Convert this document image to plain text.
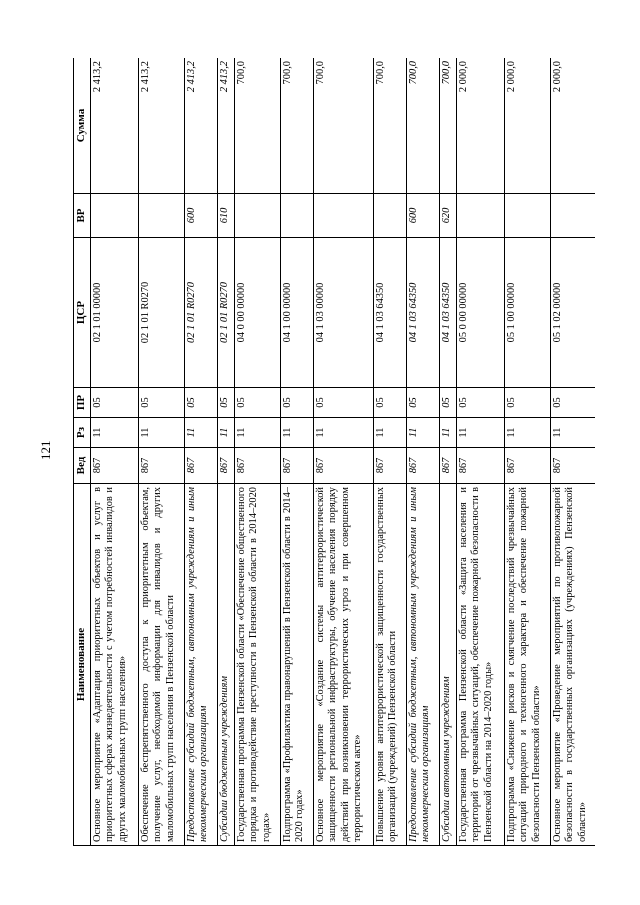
121
Наименование	Вед	Рз	ПР	ЦСР	ВР	Сумма
Основное мероприятие «Адаптация приоритетных объектов и услуг в приоритетных сферах жизнедеятельности с учетом потребностей инвалидов и других маломобильных групп населения»	867	11	05	02 1 01 00000		2 413,2
Обеспечение беспрепятственного доступа к приоритетным объектам, получение услуг, необходимой информации для инвалидов и других маломобильных групп населения в Пензенской области	867	11	05	02 1 01 R0270		2 413,2
Предоставление субсидий бюджетным, автономным учреждениям и иным некоммерческим организациям	867	11	05	02 1 01 R0270	600	2 413,2
Субсидии бюджетным учреждениям	867	11	05	02 1 01 R0270	610	2 413,2
Государственная программа Пензенской области «Обеспечение общественного порядка и противодействие преступности в Пензенской области в 2014–2020 годах»	867	11	05	04 0 00 00000		700,0
Подпрограмма «Профилактика правонарушений в Пензенской области в 2014–2020 годах»	867	11	05	04 1 00 00000		700,0
Основное мероприятие «Создание системы антитеррористической защищенности региональной инфраструктуры, обучение населения порядку действий при возникновении террористических угроз и при совершенном террористическом акте»	867	11	05	04 1 03 00000		700,0
Повышение уровня антитеррористической защищенности государственных организаций (учреждений) Пензенской области	867	11	05	04 1 03 64350		700,0
Предоставление субсидий бюджетным, автономным учреждениям и иным некоммерческим организациям	867	11	05	04 1 03 64350	600	700,0
Субсидии автономным учреждениям	867	11	05	04 1 03 64350	620	700,0
Государственная программа Пензенской области «Защита населения и территорий от чрезвычайных ситуаций, обеспечение пожарной безопасности в Пензенской области на 2014–2020 годы»	867	11	05	05 0 00 00000		2 000,0
Подпрограмма «Снижение рисков и смягчение последствий чрезвычайных ситуаций природного и техногенного характера и обеспечение пожарной безопасности Пензенской области»	867	11	05	05 1 00 00000		2 000,0
Основное мероприятие «Проведение мероприятий по противопожарной безопасности в государственных организациях (учреждениях) Пензенской области»	867	11	05	05 1 02 00000		2 000,0
